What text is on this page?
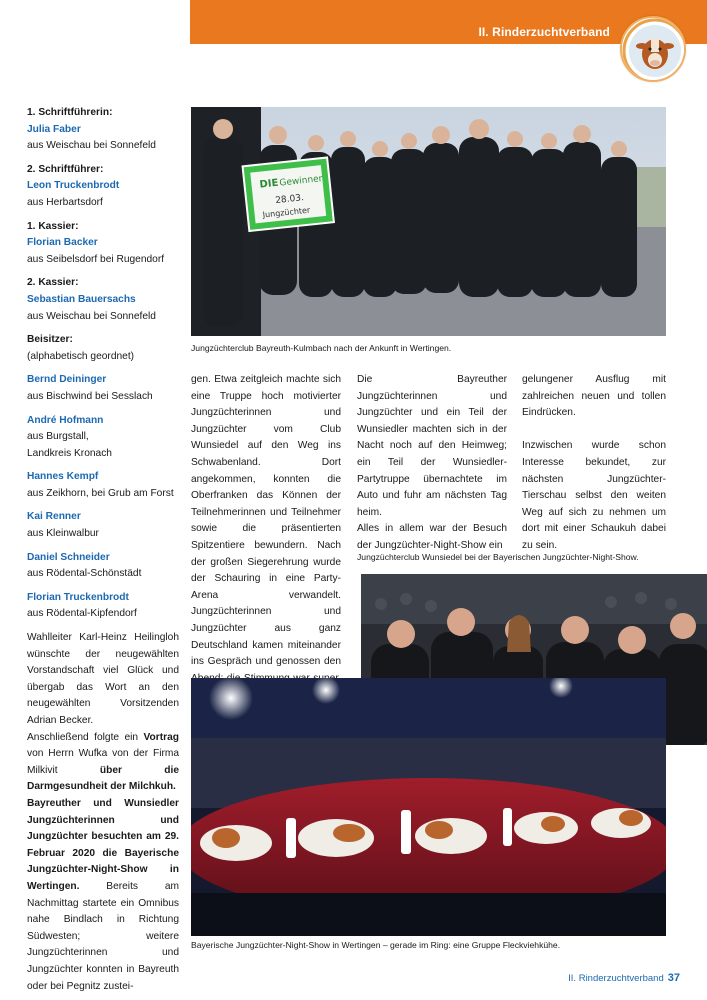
II. Rinderzuchtverband

1. Schriftführerin:

Julia Faber

aus Weischau bei Sonnefeld

2. Schriftführer:

Leon Truckenbrodt

aus Herbartsdorf

1. Kassier:

Florian Backer

aus Seibelsdorf bei Rugendorf

2. Kassier:

Sebastian Bauersachs

aus Weischau bei Sonnefeld

Beisitzer:

(alphabetisch geordnet)

Bernd Deininger

aus Bischwind bei Sesslach

André Hofmann

aus Burgstall,

Landkreis Kronach

Hannes Kempf

aus Zeikhorn, bei Grub am Forst

Kai Renner

aus Kleinwalbur

Daniel Schneider

aus Rödental-Schönstädt

Florian Truckenbrodt

aus Rödental-Kipfendorf

Wahlleiter Karl-Heinz Heilingloh wünschte der neugewählten Vorstandschaft viel Glück und übergab das Wort an den neugewählten Vorsitzenden Adrian Becker.

Anschließend folgte ein Vortrag von Herrn Wufka von der Firma Milkivit über die Darmgesundheit der Milchkuh.

Bayreuther und Wunsiedler Jungzüchterinnen und Jungzüchter besuchten am 29. Februar 2020 die Bayerische Jungzüchter-Night-Show in Wertingen. Bereits am Nachmittag startete ein Omnibus nahe Bindlach in Richtung Südwesten; weitere Jungzüchterinnen und Jungzüchter konnten in Bayreuth oder bei Pegnitz zustei-

DIE Gewinner
28.03.
Jungzüchter
Jungzüchterclub Bayreuth-Kulmbach nach der Ankunft in Wertingen.

gen. Etwa zeitgleich machte sich eine Truppe hoch motivierter Jungzüchterinnen und Jungzüchter vom Club Wunsiedel auf den Weg ins Schwabenland. Dort angekommen, konnten die Oberfranken das Können der Teilnehmerinnen und Teilnehmer sowie die präsentierten Spitzentiere bewundern. Nach der großen Siegerehrung wurde der Schauring in eine Party-Arena verwandelt. Jungzüchterinnen und Jungzüchter aus ganz Deutschland kamen miteinander ins Gespräch und genossen den

Die Bayreuther Jungzüchterinnen und Jungzüchter und ein Teil der Wunsiedler machten sich in der Nacht noch auf den Heimweg; ein Teil der Wunsiedler-Partytruppe übernachtete im Auto und fuhr am nächsten Tag heim.

Alles in allem war der Besuch der Jungzüchter-Night-Show ein

gelungener Ausflug mit zahlreichen neuen und tollen Eindrücken.

Inzwischen wurde schon Interesse bekundet, zur nächsten Jungzüchter-Tierschau selbst den weiten Weg auf sich zu nehmen um dort mit einer Schaukuh dabei zu sein.

Jungzüchterclub Wunsiedel bei der Bayerischen Jungzüchter-Night-Show.
Bayerische Jungzüchter-Night-Show in Wertingen – gerade im Ring: eine Gruppe Fleckviehkühe.
II. Rinderzuchtverband 37
